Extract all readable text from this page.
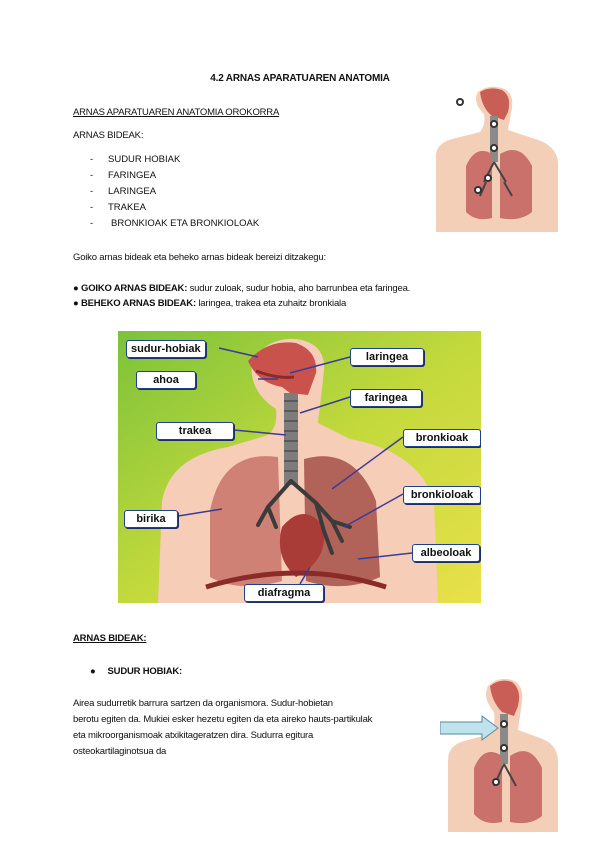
4.2 ARNAS APARATUAREN ANATOMIA
ARNAS APARATUAREN ANATOMIA OROKORRA
ARNAS BIDEAK:
- SUDUR HOBIAK
- FARINGEA
- LARINGEA
- TRAKEA
- BRONKIOAK ETA BRONKIOLOAK
Goiko arnas bideak eta beheko arnas bideak bereizi ditzakegu:
● GOIKO ARNAS BIDEAK: sudur zuloak, sudur hobia, aho barrunbea eta faringea.
● BEHEKO ARNAS BIDEAK: laringea, trakea eta zuhaitz bronkiala
sudur-hobiak
ahoa
trakea
birika
diafragma
laringea
faringea
bronkioak
bronkioloak
albeoloak
ARNAS BIDEAK:
● SUDUR HOBIAK:
Airea sudurretik barrura sartzen da organismora. Sudur-hobietan
berotu egiten da. Mukiei esker hezetu egiten da eta aireko hauts-partikulak
eta mikroorganismoak atxikitageratzen dira. Sudurra egitura
osteokartilaginotsua da
